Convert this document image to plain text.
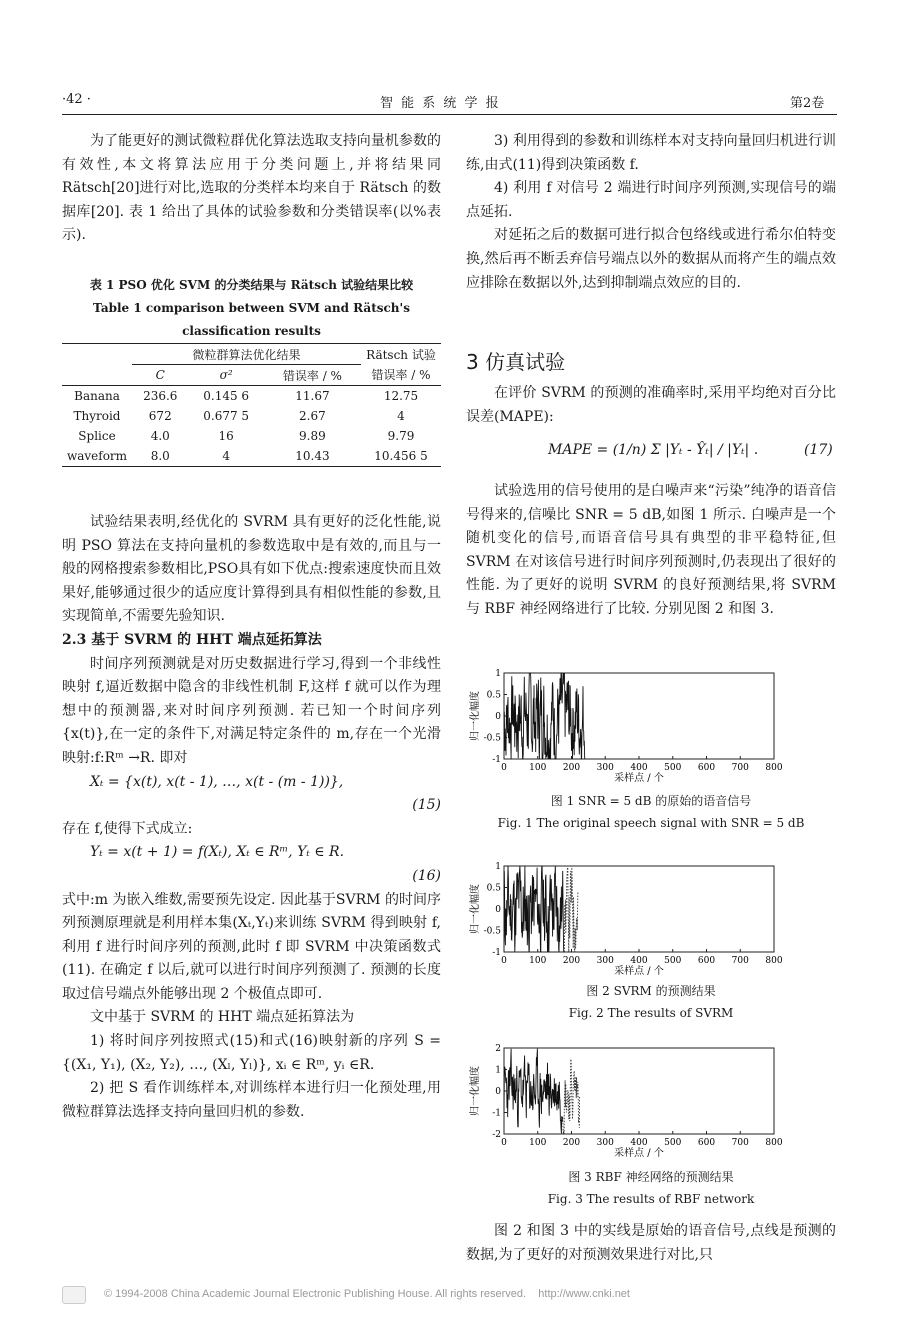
·42 ·	智 能 系 统 学 报	第2卷

为了能更好的测试微粒群优化算法选取支持向量机参数的有效性,本文将算法应用于分类问题上,并将结果同 Rätsch[20]进行对比,选取的分类样本均来自于 Rätsch 的数据库[20]. 表 1 给出了具体的试验参数和分类错误率(以%表示).

表 1 PSO 优化 SVM 的分类结果与 Rätsch 试验结果比较
Table 1 comparison between SVM and Rätsch's
classification results
	微粒群算法优化结果			Rätsch 试验
	C	σ²	错误率 / %	错误率 / %
Banana	236.6	0.145 6	11.67	12.75
Thyroid	672	0.677 5	2.67	4
Splice	4.0	16	9.89	9.79
waveform	8.0	4	10.43	10.456 5

试验结果表明,经优化的 SVRM 具有更好的泛化性能,说明 PSO 算法在支持向量机的参数选取中是有效的,而且与一般的网格搜索参数相比,PSO具有如下优点:搜索速度快而且效果好,能够通过很少的适应度计算得到具有相似性能的参数,且实现简单,不需要先验知识.

2.3 基于 SVRM 的 HHT 端点延拓算法

时间序列预测就是对历史数据进行学习,得到一个非线性映射 f,逼近数据中隐含的非线性机制 F,这样 f 就可以作为理想中的预测器,来对时间序列预测. 若已知一个时间序列{x(t)},在一定的条件下,对满足特定条件的 m,存在一个光滑映射:f:Rᵐ →R. 即对

Xₜ = {x(t), x(t - 1), …, x(t - (m - 1))},

(15)

存在 f,使得下式成立:

Yₜ = x(t + 1) = f(Xₜ), Xₜ ∈ Rᵐ, Yₜ ∈ R.

(16)

式中:m 为嵌入维数,需要预先设定. 因此基于SVRM 的时间序列预测原理就是利用样本集(Xₜ,Yₜ)来训练 SVRM 得到映射 f,利用 f 进行时间序列的预测,此时 f 即 SVRM 中决策函数式(11). 在确定 f 以后,就可以进行时间序列预测了. 预测的长度取过信号端点外能够出现 2 个极值点即可.

文中基于 SVRM 的 HHT 端点延拓算法为

1) 将时间序列按照式(15)和式(16)映射新的序列 S = {(X₁, Y₁), (X₂, Y₂), …, (Xₗ, Yₗ)}, xᵢ ∈ Rᵐ, yᵢ ∈R.

2) 把 S 看作训练样本,对训练样本进行归一化预处理,用微粒群算法选择支持向量回归机的参数.

3) 利用得到的参数和训练样本对支持向量回归机进行训练,由式(11)得到决策函数 f.

4) 利用 f 对信号 2 端进行时间序列预测,实现信号的端点延拓.

对延拓之后的数据可进行拟合包络线或进行希尔伯特变换,然后再不断丢弃信号端点以外的数据从而将产生的端点效应排除在数据以外,达到抑制端点效应的目的.

3 仿真试验

在评价 SVRM 的预测的准确率时,采用平均绝对百分比误差(MAPE):

MAPE = (1/n) Σ |Yₜ - Ŷₜ| / |Yₜ| .	(17)

试验选用的信号使用的是白噪声来“污染”纯净的语音信号得来的,信噪比 SNR = 5 dB,如图 1 所示. 白噪声是一个随机变化的信号,而语音信号具有典型的非平稳特征,但 SVRM 在对该信号进行时间序列预测时,仍表现出了很好的性能. 为了更好的说明 SVRM 的良好预测结果,将 SVRM 与 RBF 神经网络进行了比较. 分别见图 2 和图 3.

1
0.5
0
-0.5
-1
0 100 200 300 400 500 600 700 800
采样点 / 个
归一化幅度
图 1 SNR = 5 dB 的原始的语音信号
Fig. 1 The original speech signal with SNR = 5 dB
1
0.5
0
-0.5
-1
0 100 200 300 400 500 600 700 800
采样点 / 个
归一化幅度
图 2 SVRM 的预测结果
Fig. 2 The results of SVRM
2
1
0
-1
-2
0 100 200 300 400 500 600 700 800
采样点 / 个
归一化幅度
图 3 RBF 神经网络的预测结果
Fig. 3 The results of RBF network

图 2 和图 3 中的实线是原始的语音信号,点线是预测的数据,为了更好的对预测效果进行对比,只

© 1994-2008 China Academic Journal Electronic Publishing House. All rights reserved.    http://www.cnki.net
